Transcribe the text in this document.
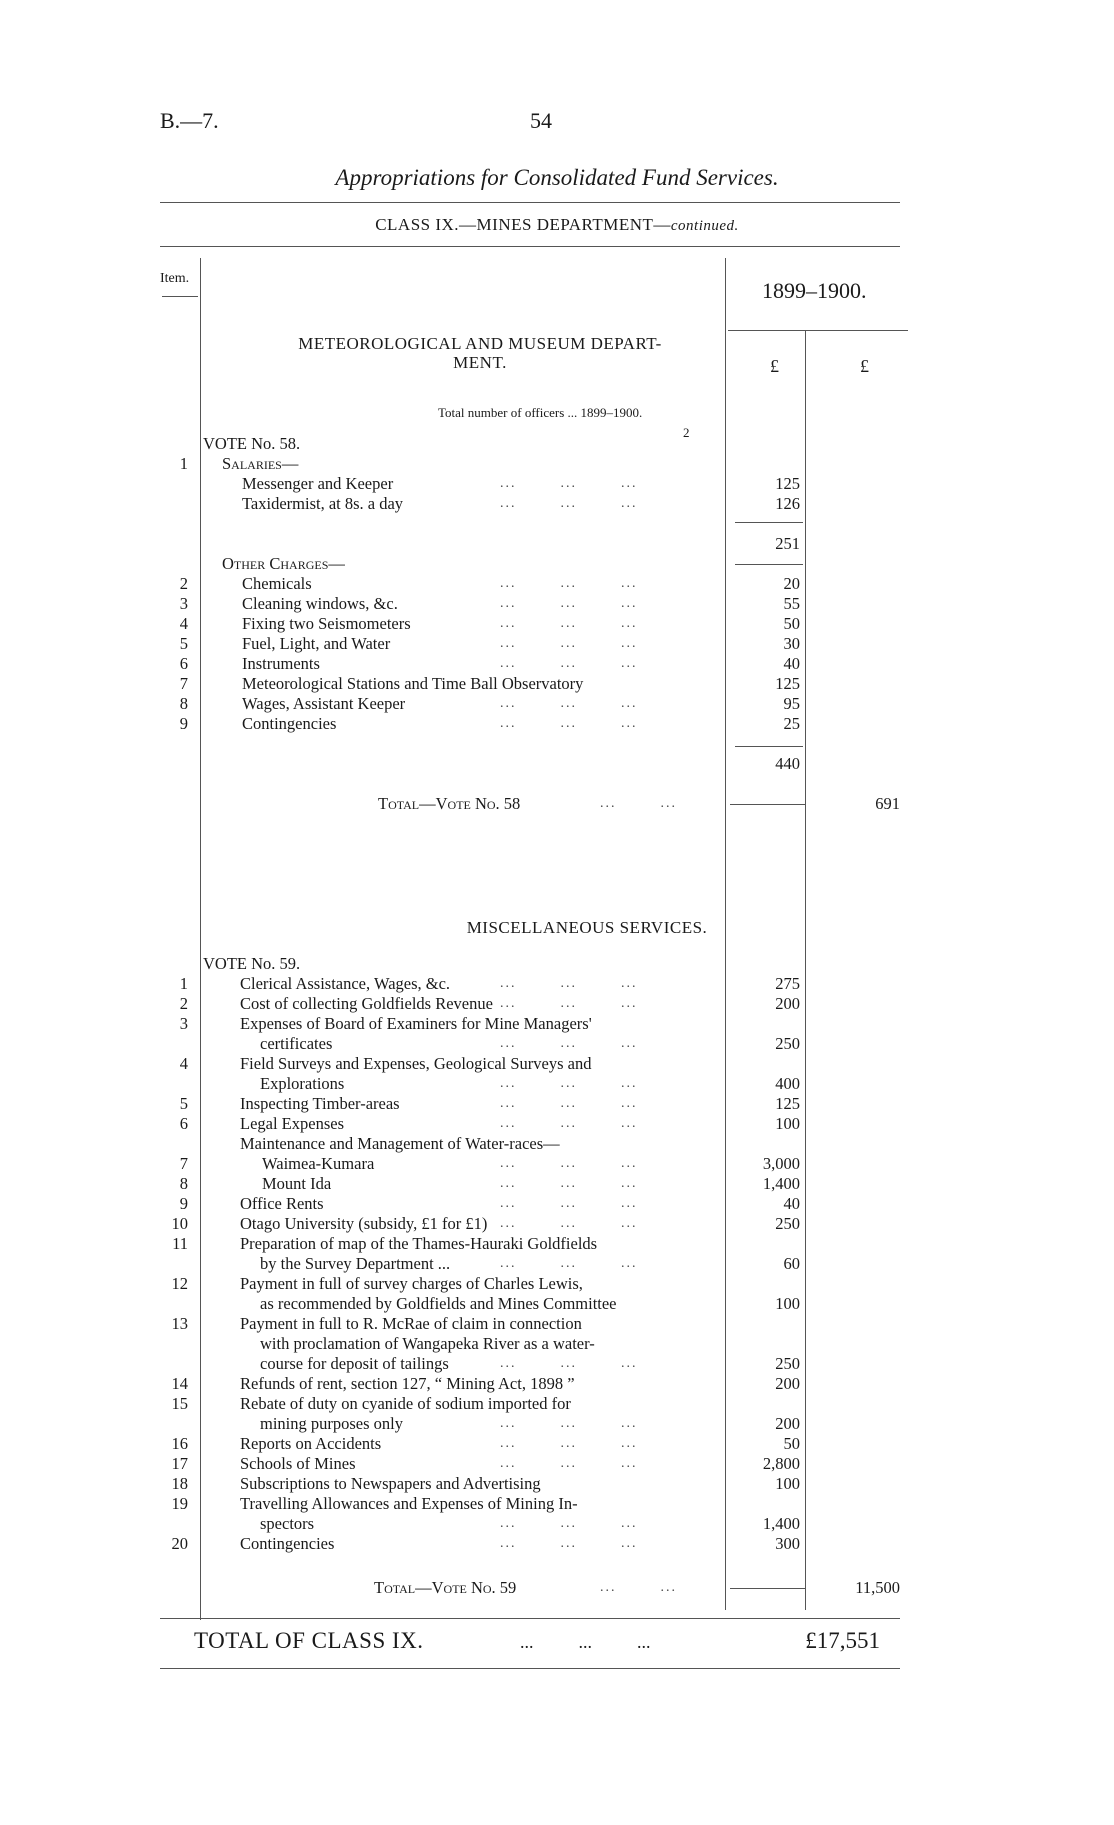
B.—7.	54
Appropriations for Consolidated Fund Services.
CLASS IX.—MINES DEPARTMENT—continued.
Item.	1899–1900.
£	£
METEOROLOGICAL AND MUSEUM DEPART-
MENT.
Total number of officers ... 1899–1900.
2
VOTE No. 58.
1 Salaries—
Messenger and Keeper	...        ...        ...	125
Taxidermist, at 8s. a day	...        ...        ...	126
251
Other Charges—
2	Chemicals	...        ...        ...	20
3	Cleaning windows, &c.	...        ...        ...	55
4	Fixing two Seismometers	...        ...        ...	50
5	Fuel, Light, and Water	...        ...        ...	30
6	Instruments	...        ...        ...	40
7	Meteorological Stations and Time Ball Observatory	125
8	Wages, Assistant Keeper	...        ...        ...	95
9	Contingencies	...        ...        ...	25
440
Total—Vote No. 58	...        ...	691
MISCELLANEOUS SERVICES.
VOTE No. 59.
1	Clerical Assistance, Wages, &c.	...        ...        ...	275
2	Cost of collecting Goldfields Revenue ...        ...        ...	200
3	Expenses of Board of Examiners for Mine Managers'
certificates	...        ...        ...	250
4	Field Surveys and Expenses, Geological Surveys and
Explorations	...        ...        ...	400
5	Inspecting Timber-areas	...        ...        ...	125
6	Legal Expenses	...        ...        ...	100
Maintenance and Management of Water-races—
7	Waimea-Kumara	...        ...        ...	3,000
8	Mount Ida	...        ...        ...	1,400
9	Office Rents	...        ...        ...	40
10	Otago University (subsidy, £1 for £1) ...        ...        ...	250
11	Preparation of map of the Thames-Hauraki Goldfields
by the Survey Department ...	...        ...        ...	60
12	Payment in full of survey charges of Charles Lewis,
as recommended by Goldfields and Mines Committee	100
13	Payment in full to R. McRae of claim in connection
with proclamation of Wangapeka River as a water-
course for deposit of tailings	...        ...        ...	250
14	Refunds of rent, section 127, “ Mining Act, 1898 ”	200
15	Rebate of duty on cyanide of sodium imported for
mining purposes only	...        ...        ...	200
16	Reports on Accidents	...        ...        ...	50
17	Schools of Mines	...        ...        ...	2,800
18	Subscriptions to Newspapers and Advertising	100
19	Travelling Allowances and Expenses of Mining In-
spectors	...        ...        ...	1,400
20	Contingencies	...        ...        ...	300
Total—Vote No. 59	...        ...	11,500
TOTAL OF CLASS IX.	...          ...          ...	£17,551
